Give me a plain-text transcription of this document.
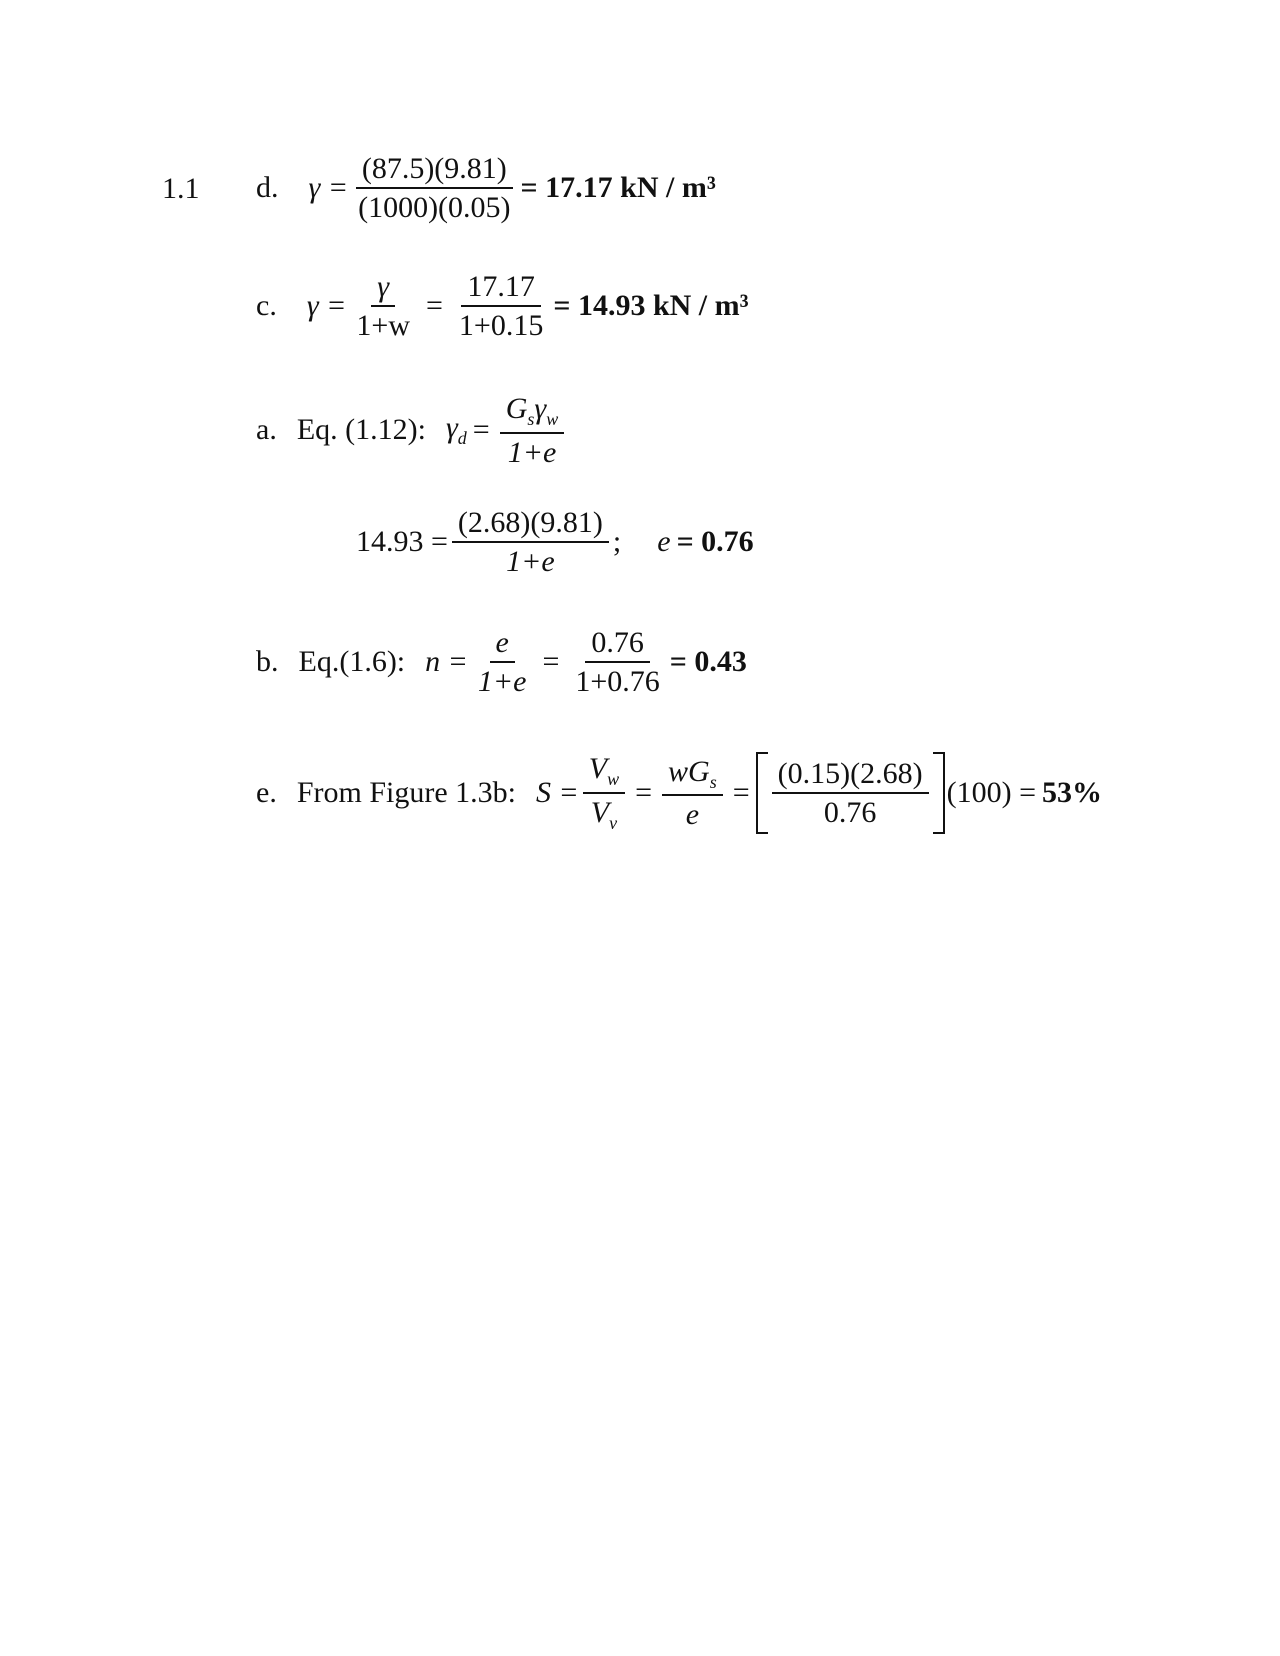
1.1 d. $\gamma = \frac{(87.5)(9.81)}{(1000)(0.05)} = 17.17$ kN / m³
c. $\gamma = \frac{\gamma}{1+w} = \frac{17.17}{1+0.15} = 14.93$ kN / m³
a. Eq. (1.12): $\gamma_d = \frac{G_s\gamma_w}{1+e}$
$14.93 = \frac{(2.68)(9.81)}{1+e}$ ; e = 0.76
b. Eq.(1.6): $n = \frac{e}{1+e} = \frac{0.76}{1+0.76} = 0.43$
e. From Figure 1.3b: $S = \frac{V_w}{V_v} = \frac{wG_s}{e} = \frac{(0.15)(2.68)}{0.76} (100) = 53\%$
